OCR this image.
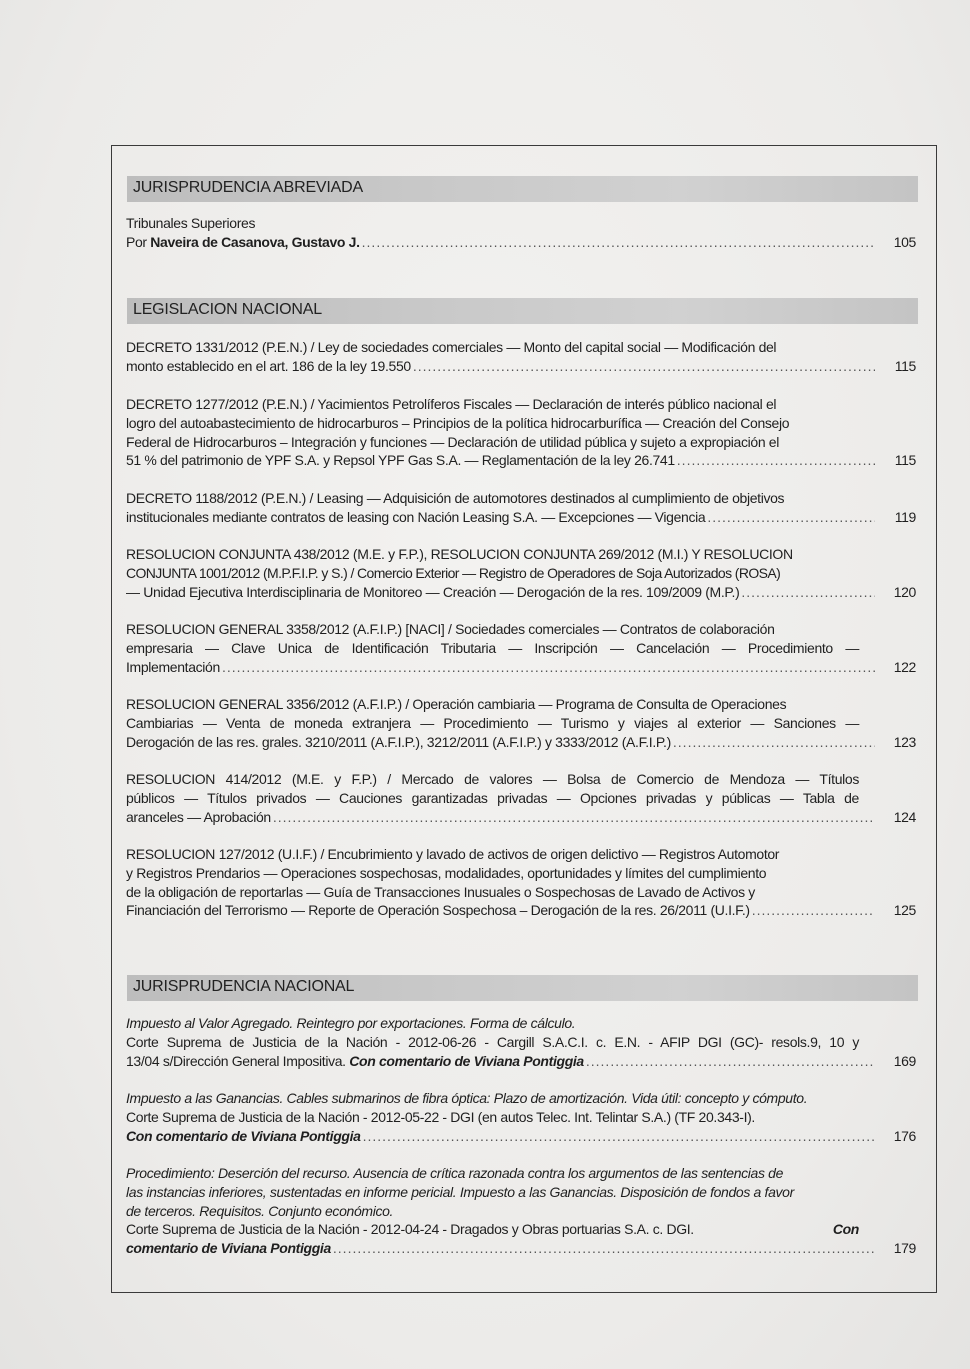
JURISPRUDENCIA ABREVIADA
Tribunales Superiores
Por Naveira de Casanova, Gustavo J. .....	105
LEGISLACION NACIONAL
DECRETO 1331/2012 (P.E.N.) / Ley de sociedades comerciales — Monto del capital social — Modificación del
monto establecido en el art. 186 de la ley 19.550 .....	115
DECRETO 1277/2012 (P.E.N.) / Yacimientos Petrolíferos Fiscales — Declaración de interés público nacional el
logro del autoabastecimiento de hidrocarburos – Principios de la política hidrocarburífica — Creación del Consejo
Federal de Hidrocarburos – Integración y funciones — Declaración de utilidad pública y sujeto a expropiación el
51 % del patrimonio de YPF S.A. y Repsol YPF Gas S.A. — Reglamentación de la ley 26.741 .....	115
DECRETO 1188/2012 (P.E.N.) / Leasing — Adquisición de automotores destinados al cumplimiento de objetivos
institucionales mediante contratos de leasing con Nación Leasing S.A. — Excepciones — Vigencia .....	119
RESOLUCION CONJUNTA 438/2012 (M.E. y F.P.), RESOLUCION CONJUNTA 269/2012 (M.I.) Y RESOLUCION
CONJUNTA 1001/2012 (M.P.F.I.P. y S.) / Comercio Exterior — Registro de Operadores de Soja Autorizados (ROSA)
— Unidad Ejecutiva Interdisciplinaria de Monitoreo — Creación — Derogación de la res. 109/2009 (M.P.) .....	120
RESOLUCION GENERAL 3358/2012 (A.F.I.P.) [NACI] / Sociedades comerciales — Contratos de colaboración
empresaria — Clave Unica de Identificación Tributaria — Inscripción — Cancelación — Procedimiento —
Implementación .....	122
RESOLUCION GENERAL 3356/2012 (A.F.I.P.) / Operación cambiaria — Programa de Consulta de Operaciones
Cambiarias — Venta de moneda extranjera — Procedimiento — Turismo y viajes al exterior — Sanciones —
Derogación de las res. grales. 3210/2011 (A.F.I.P.), 3212/2011 (A.F.I.P.) y 3333/2012 (A.F.I.P.) .....	123
RESOLUCION 414/2012 (M.E. y F.P.) / Mercado de valores — Bolsa de Comercio de Mendoza — Títulos
públicos — Títulos privados — Cauciones garantizadas privadas — Opciones privadas y públicas — Tabla de
aranceles — Aprobación .....	124
RESOLUCION 127/2012 (U.I.F.) / Encubrimiento y lavado de activos de origen delictivo — Registros Automotor
y Registros Prendarios — Operaciones sospechosas, modalidades, oportunidades y límites del cumplimiento
de la obligación de reportarlas — Guía de Transacciones Inusuales o Sospechosas de Lavado de Activos y
Financiación del Terrorismo — Reporte de Operación Sospechosa – Derogación de la res. 26/2011 (U.I.F.) .....	125
JURISPRUDENCIA NACIONAL
Impuesto al Valor Agregado. Reintegro por exportaciones. Forma de cálculo.
Corte Suprema de Justicia de la Nación - 2012-06-26 - Cargill S.A.C.I. c. E.N. - AFIP DGI (GC)- resols.9, 10 y
13/04 s/Dirección General Impositiva. Con comentario de Viviana Pontiggia .....	169
Impuesto a las Ganancias. Cables submarinos de fibra óptica: Plazo de amortización. Vida útil: concepto y cómputo.
Corte Suprema de Justicia de la Nación - 2012-05-22 - DGI (en autos Telec. Int. Telintar S.A.) (TF 20.343-I).
Con comentario de Viviana Pontiggia .....	176
Procedimiento: Deserción del recurso. Ausencia de crítica razonada contra los argumentos de las sentencias de
las instancias inferiores, sustentadas en informe pericial. Impuesto a las Ganancias. Disposición de fondos a favor
de terceros. Requisitos. Conjunto económico.
Corte Suprema de Justicia de la Nación - 2012-04-24 - Dragados y Obras portuarias S.A. c. DGI.	Con
comentario de Viviana Pontiggia .....	179
